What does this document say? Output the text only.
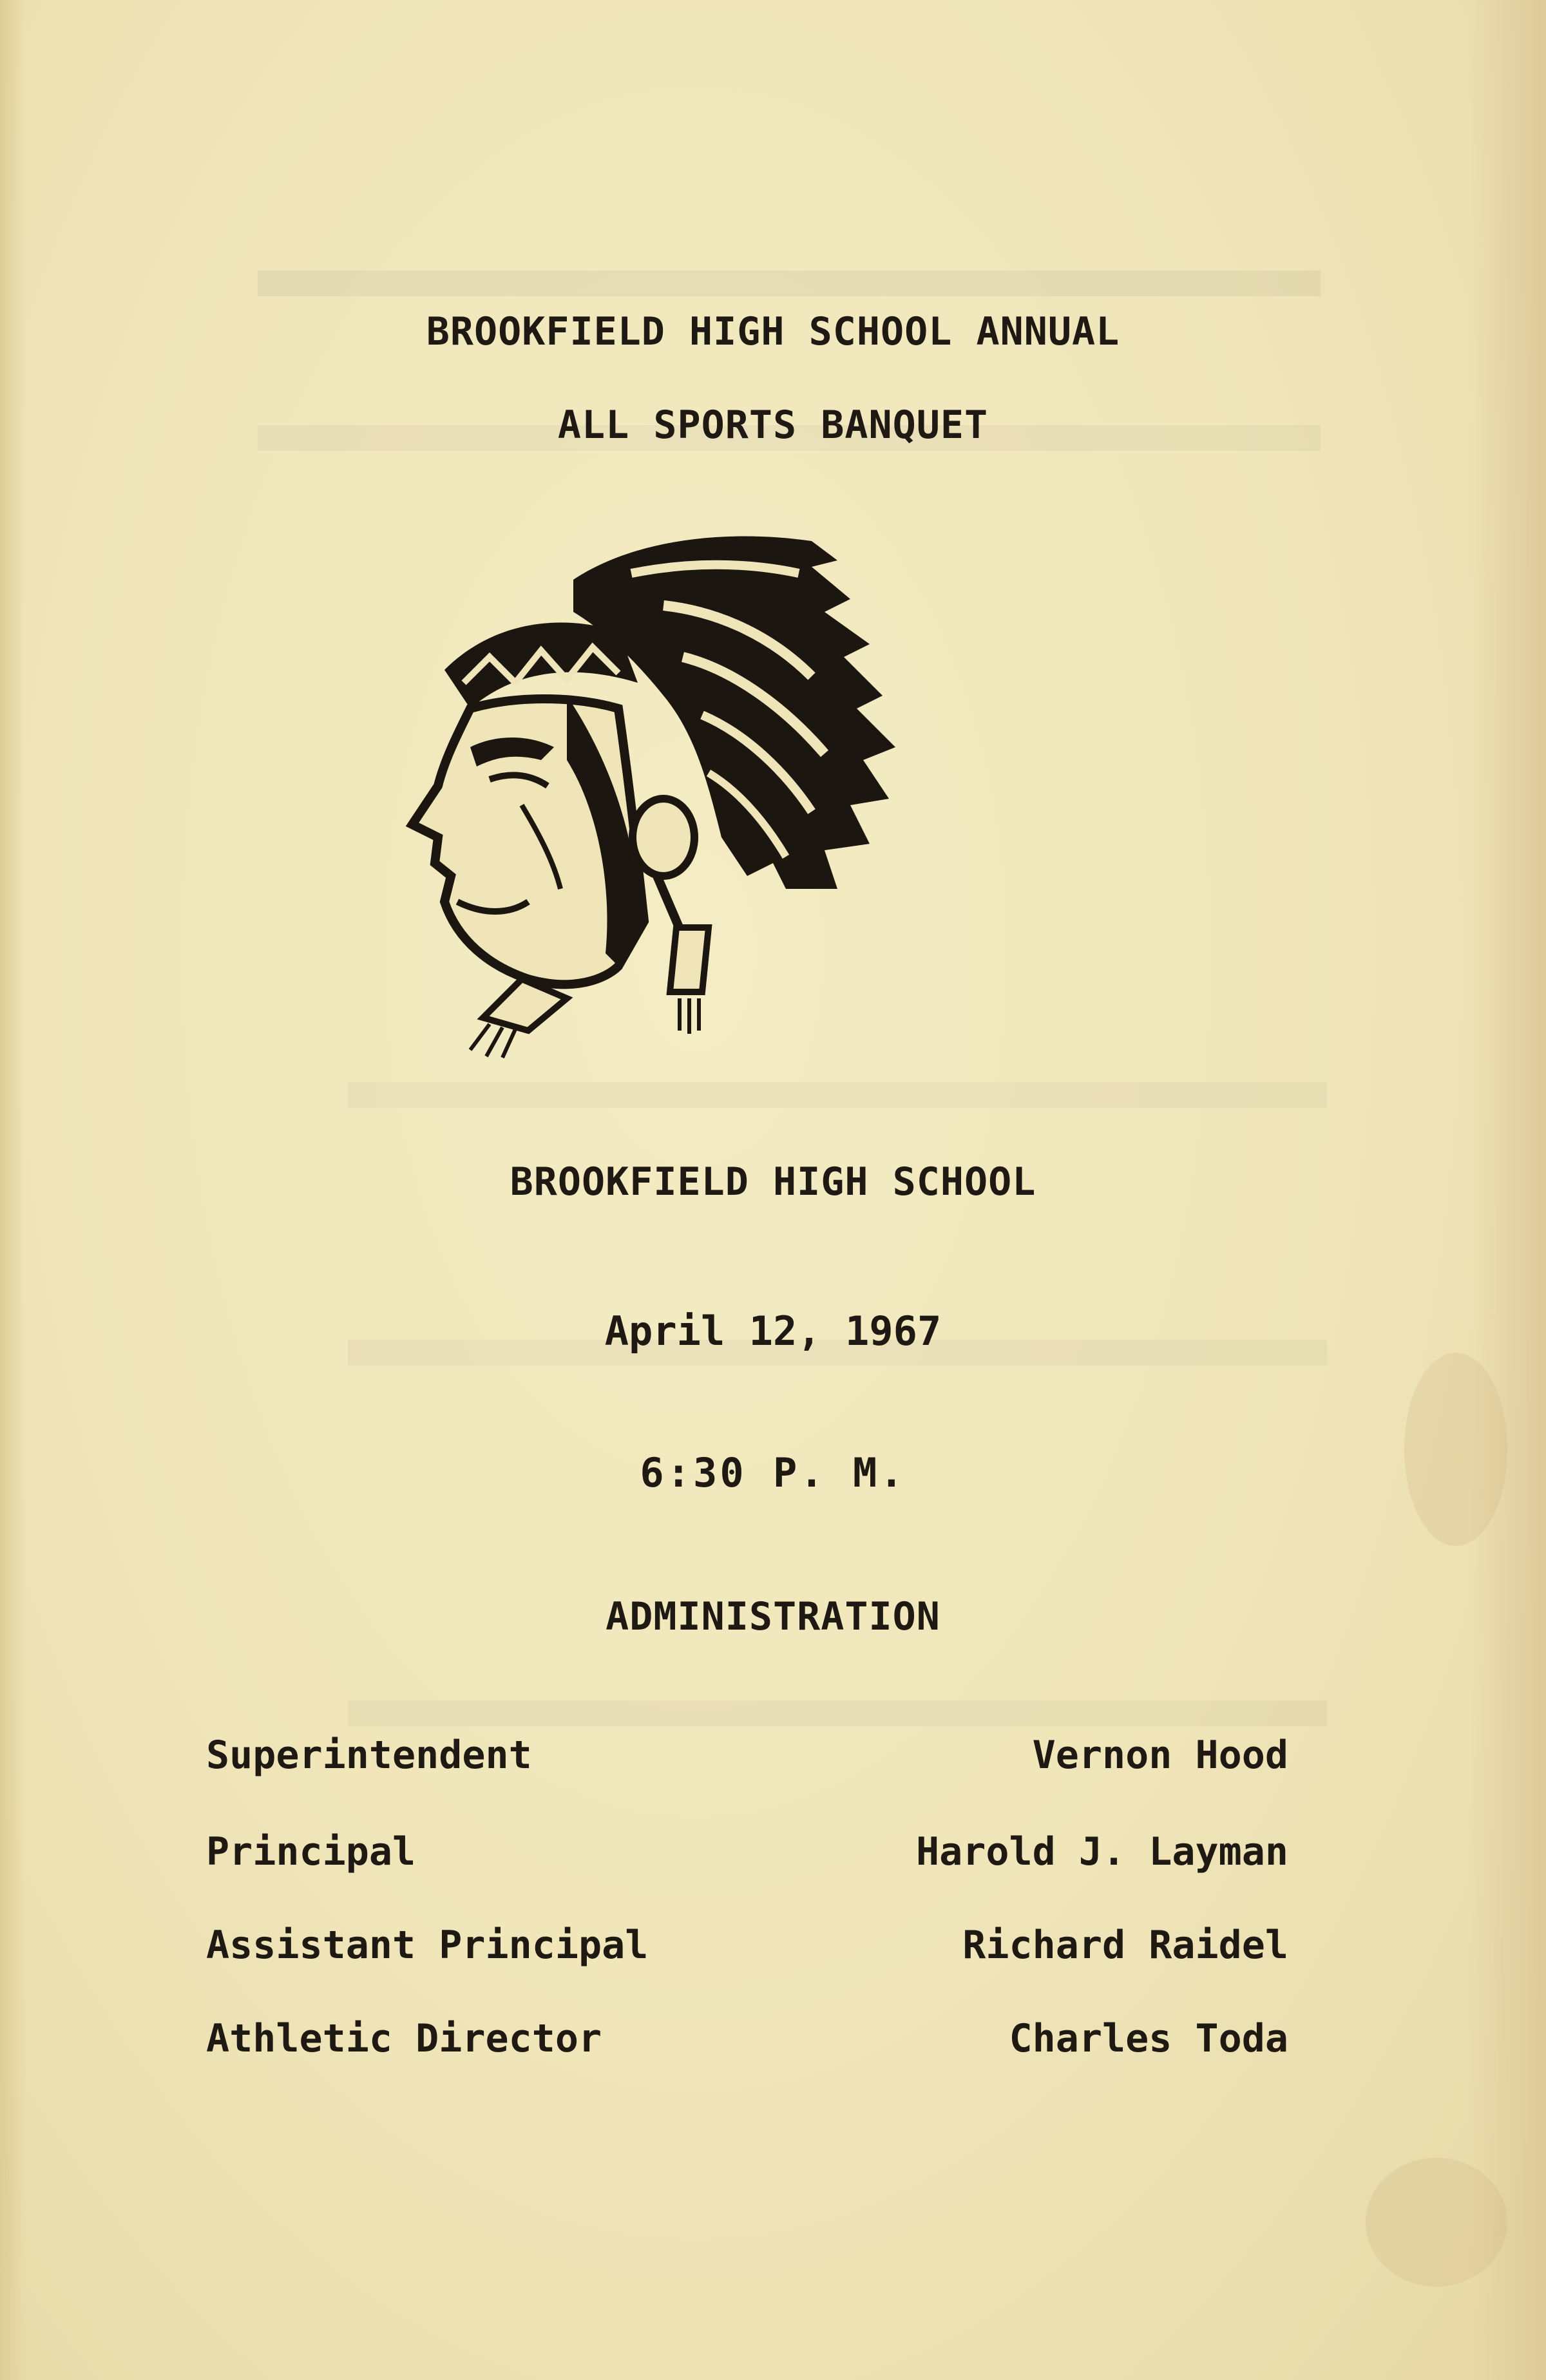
BROOKFIELD HIGH SCHOOL ANNUAL
ALL SPORTS BANQUET
BROOKFIELD HIGH SCHOOL
April 12, 1967
6:30 P. M.
ADMINISTRATION
Superintendent	Vernon Hood
Principal	Harold J. Layman
Assistant Principal	Richard Raidel
Athletic Director	Charles Toda
